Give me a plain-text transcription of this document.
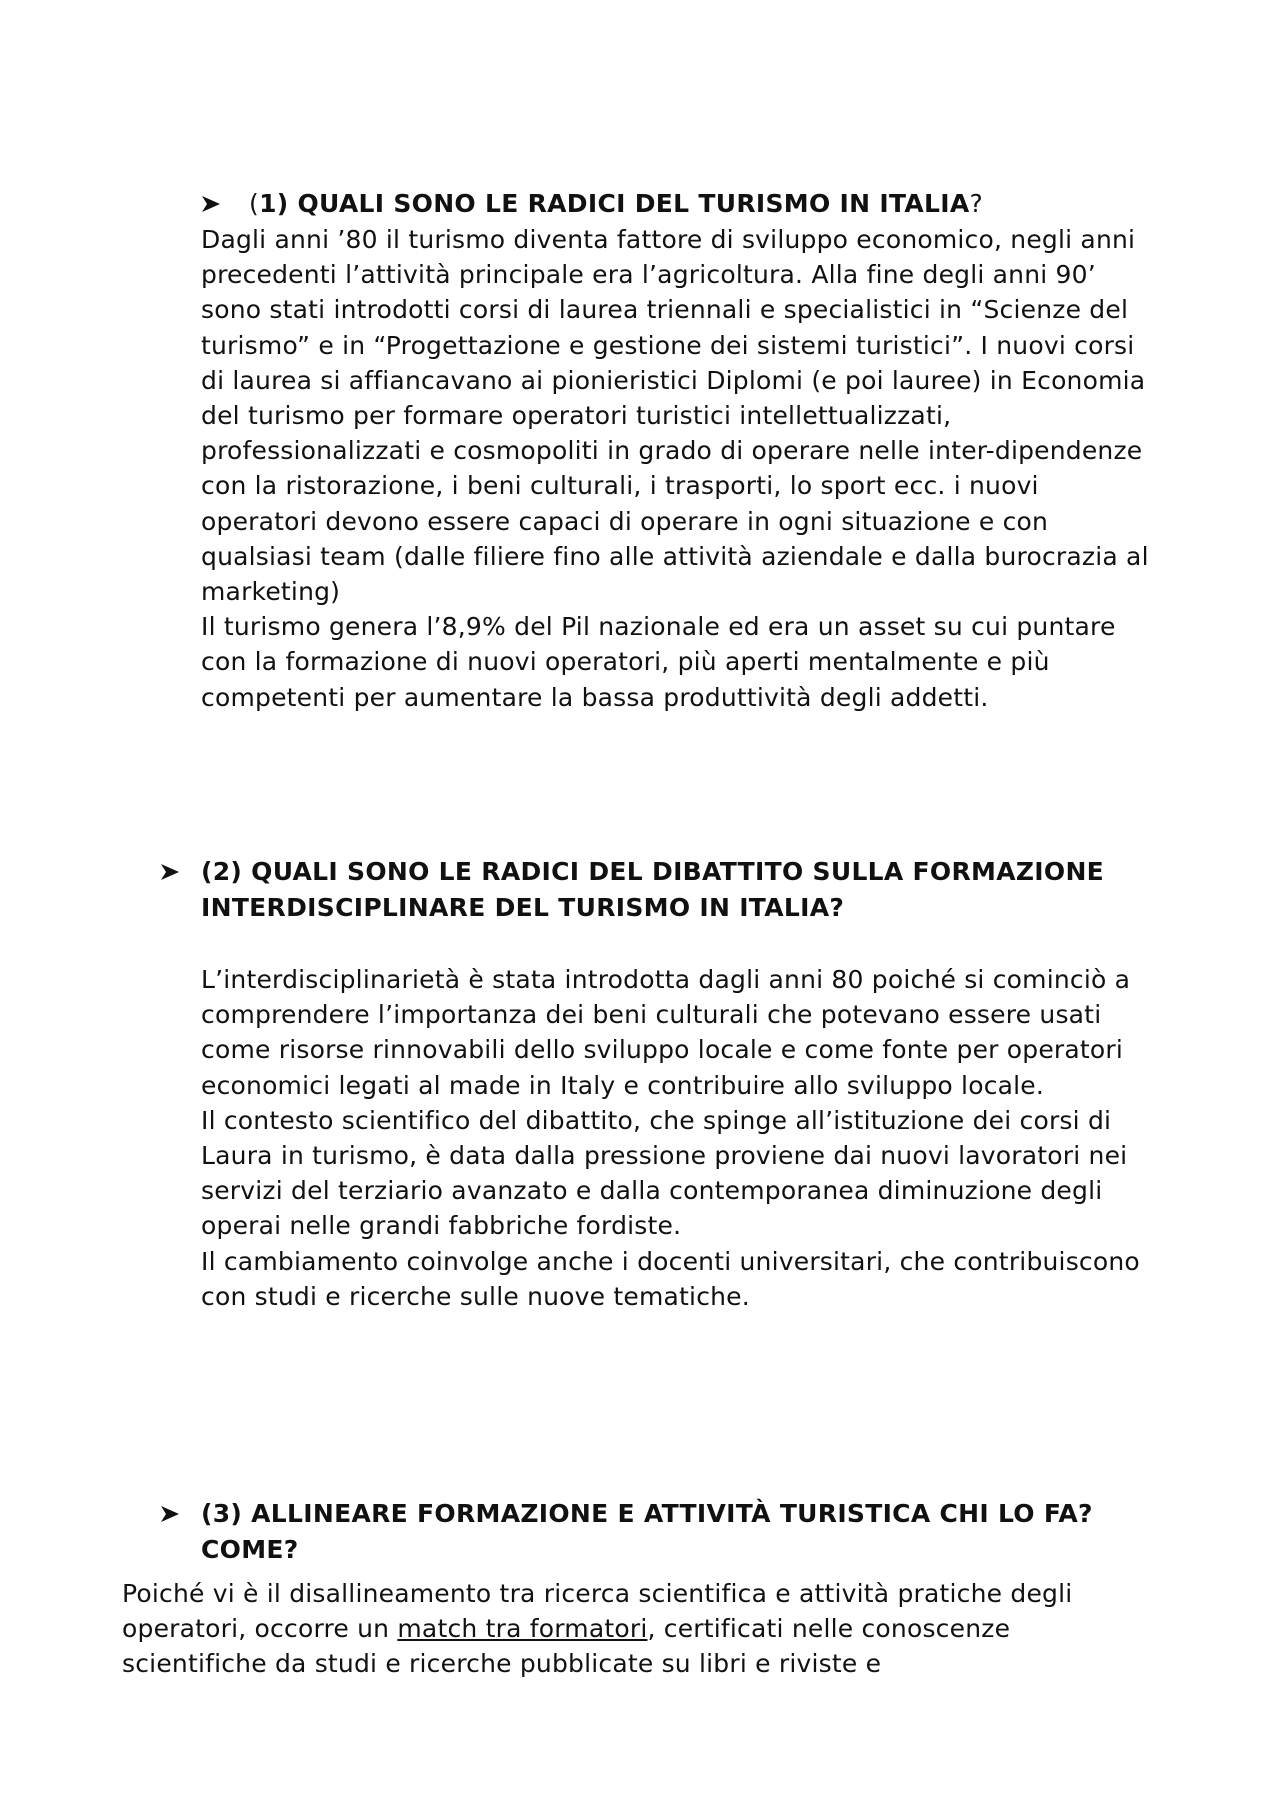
(1) QUALI SONO LE RADICI DEL TURISMO IN ITALIA?

Dagli anni ’80 il turismo diventa fattore di sviluppo economico, negli anni precedenti l’attività principale era l’agricoltura. Alla fine degli anni 90’ sono stati introdotti corsi di laurea triennali e specialistici in “Scienze del turismo” e in “Progettazione e gestione dei sistemi turistici”. I nuovi corsi di laurea si affiancavano ai pionieristici Diplomi (e poi lauree) in Economia del turismo per formare operatori turistici intellettualizzati, professionalizzati e cosmopoliti in grado di operare nelle inter-dipendenze con la ristorazione, i beni culturali, i trasporti, lo sport ecc. i nuovi operatori devono essere capaci di operare in ogni situazione e con qualsiasi team (dalle filiere fino alle attività aziendale e dalla burocrazia al marketing)

Il turismo genera l’8,9% del Pil nazionale ed era un asset su cui puntare con la formazione di nuovi operatori, più aperti mentalmente e più competenti per aumentare la bassa produttività degli addetti.

(2) QUALI SONO LE RADICI DEL DIBATTITO SULLA FORMAZIONE INTERDISCIPLINARE DEL TURISMO IN ITALIA?

L’interdisciplinarietà è stata introdotta dagli anni 80 poiché si cominciò a comprendere l’importanza dei beni culturali che potevano essere usati come risorse rinnovabili dello sviluppo locale e come fonte per operatori economici legati al made in Italy e contribuire allo sviluppo locale.

Il contesto scientifico del dibattito, che spinge all’istituzione dei corsi di Laura in turismo, è data dalla pressione proviene dai nuovi lavoratori nei servizi del terziario avanzato e dalla contemporanea diminuzione degli operai nelle grandi fabbriche fordiste.

Il cambiamento coinvolge anche i docenti universitari, che contribuiscono con studi e ricerche sulle nuove tematiche.

(3) ALLINEARE FORMAZIONE E ATTIVITÀ TURISTICA CHI LO FA? COME?

Poiché vi è il disallineamento tra ricerca scientifica e attività pratiche degli operatori, occorre un match tra formatori, certificati nelle conoscenze scientifiche da studi e ricerche pubblicate su libri e riviste e
